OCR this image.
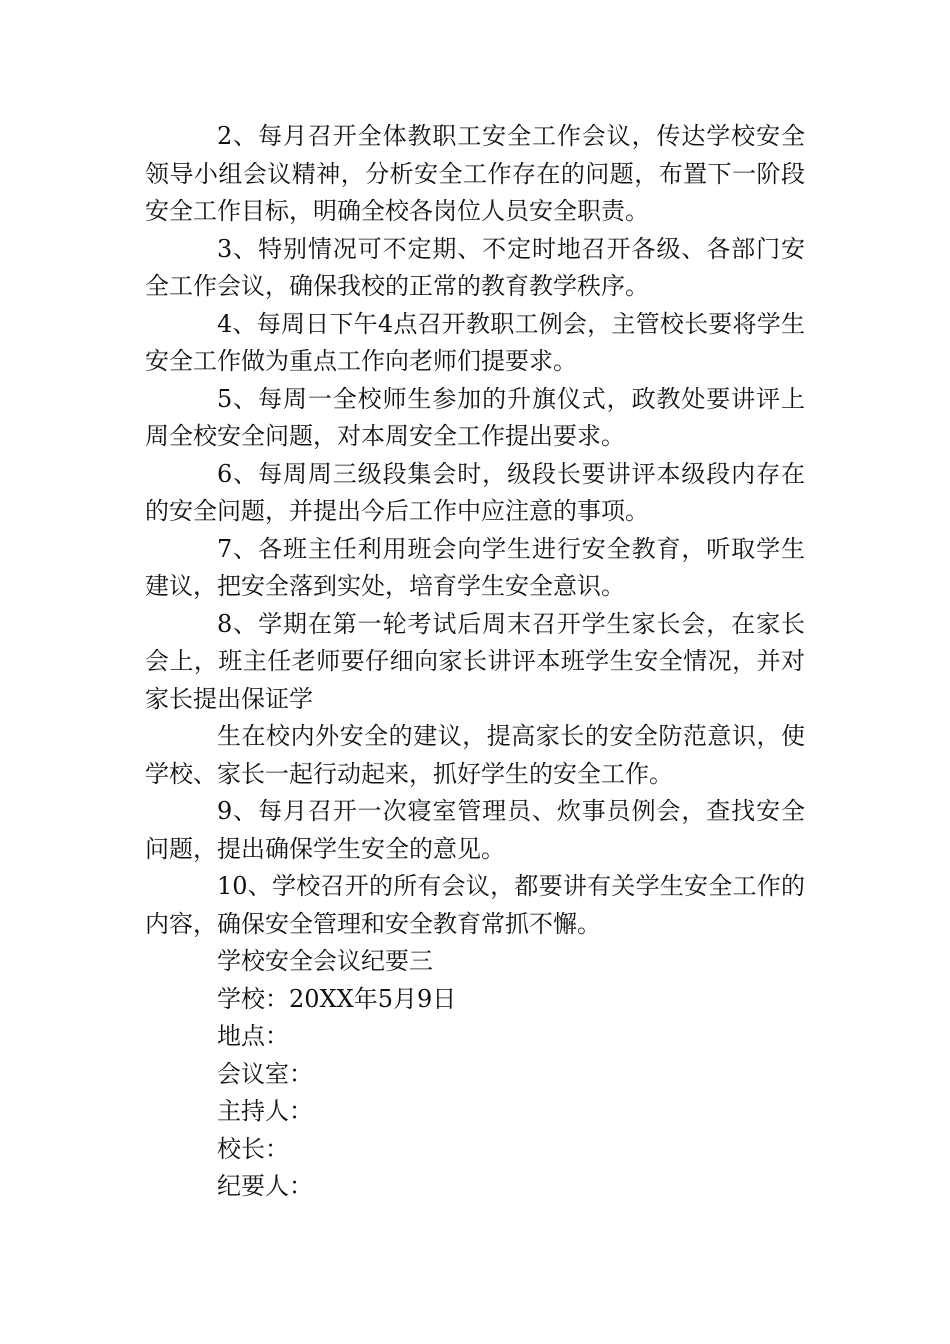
2、每月召开全体教职工安全工作会议，传达学校安全领导小组会议精神，分析安全工作存在的问题，布置下一阶段安全工作目标，明确全校各岗位人员安全职责。

3、特别情况可不定期、不定时地召开各级、各部门安全工作会议，确保我校的正常的教育教学秩序。

4、每周日下午4点召开教职工例会，主管校长要将学生安全工作做为重点工作向老师们提要求。

5、每周一全校师生参加的升旗仪式，政教处要讲评上周全校安全问题，对本周安全工作提出要求。

6、每周周三级段集会时，级段长要讲评本级段内存在的安全问题，并提出今后工作中应注意的事项。

7、各班主任利用班会向学生进行安全教育，听取学生建议，把安全落到实处，培育学生安全意识。

8、学期在第一轮考试后周末召开学生家长会，在家长会上，班主任老师要仔细向家长讲评本班学生安全情况，并对家长提出保证学

生在校内外安全的建议，提高家长的安全防范意识，使学校、家长一起行动起来，抓好学生的安全工作。

9、每月召开一次寝室管理员、炊事员例会，查找安全问题，提出确保学生安全的意见。

10、学校召开的所有会议，都要讲有关学生安全工作的内容，确保安全管理和安全教育常抓不懈。

学校安全会议纪要三

学校：20XX年5月9日

地点：

会议室：

主持人：

校长：

纪要人：
